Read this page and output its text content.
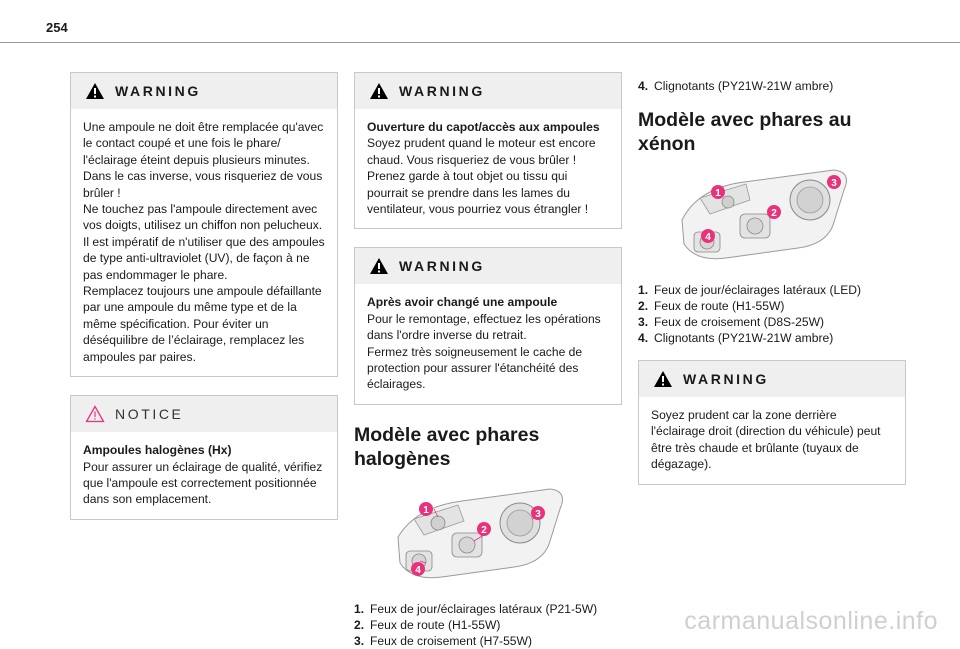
254
WARNING

Une ampoule ne doit être remplacée qu'avec le contact coupé et une fois le phare/ l'éclairage éteint depuis plusieurs minutes.

Dans le cas inverse, vous risqueriez de vous brûler !

Ne touchez pas l'ampoule directement avec vos doigts, utilisez un chiffon non pelucheux.

Il est impératif de n'utiliser que des ampoules de type anti-ultraviolet (UV), de façon à ne pas endommager le phare.

Remplacez toujours une ampoule défaillante par une ampoule du même type et de la même spécification. Pour éviter un déséquilibre de l’éclairage, remplacez les ampoules par paires.

NOTICE

Ampoules halogènes (Hx)

Pour assurer un éclairage de qualité, vérifiez que l'ampoule est correctement positionnée dans son emplacement.

WARNING

Ouverture du capot/accès aux ampoules

Soyez prudent quand le moteur est encore chaud. Vous risqueriez de vous brûler ! Prenez garde à tout objet ou tissu qui pourrait se prendre dans les lames du ventilateur, vous pourriez vous étrangler !

WARNING

Après avoir changé une ampoule

Pour le remontage, effectuez les opérations dans l'ordre inverse du retrait.

Fermez très soigneusement le cache de protection pour assurer l'étanchéité des éclairages.

Modèle avec phares halogènes
1
2
3
4
1. Feux de jour/éclairages latéraux (P21-5W)
2. Feux de route (H1-55W)
3. Feux de croisement (H7-55W)
4. Clignotants (PY21W-21W ambre)
Modèle avec phares au xénon
1
2
3
4
1. Feux de jour/éclairages latéraux (LED)
2. Feux de route (H1-55W)
3. Feux de croisement (D8S-25W)
4. Clignotants (PY21W-21W ambre)
WARNING

Soyez prudent car la zone derrière l'éclairage droit (direction du véhicule) peut être très chaude et brûlante (tuyaux de dégazage).

carmanualsonline.info
